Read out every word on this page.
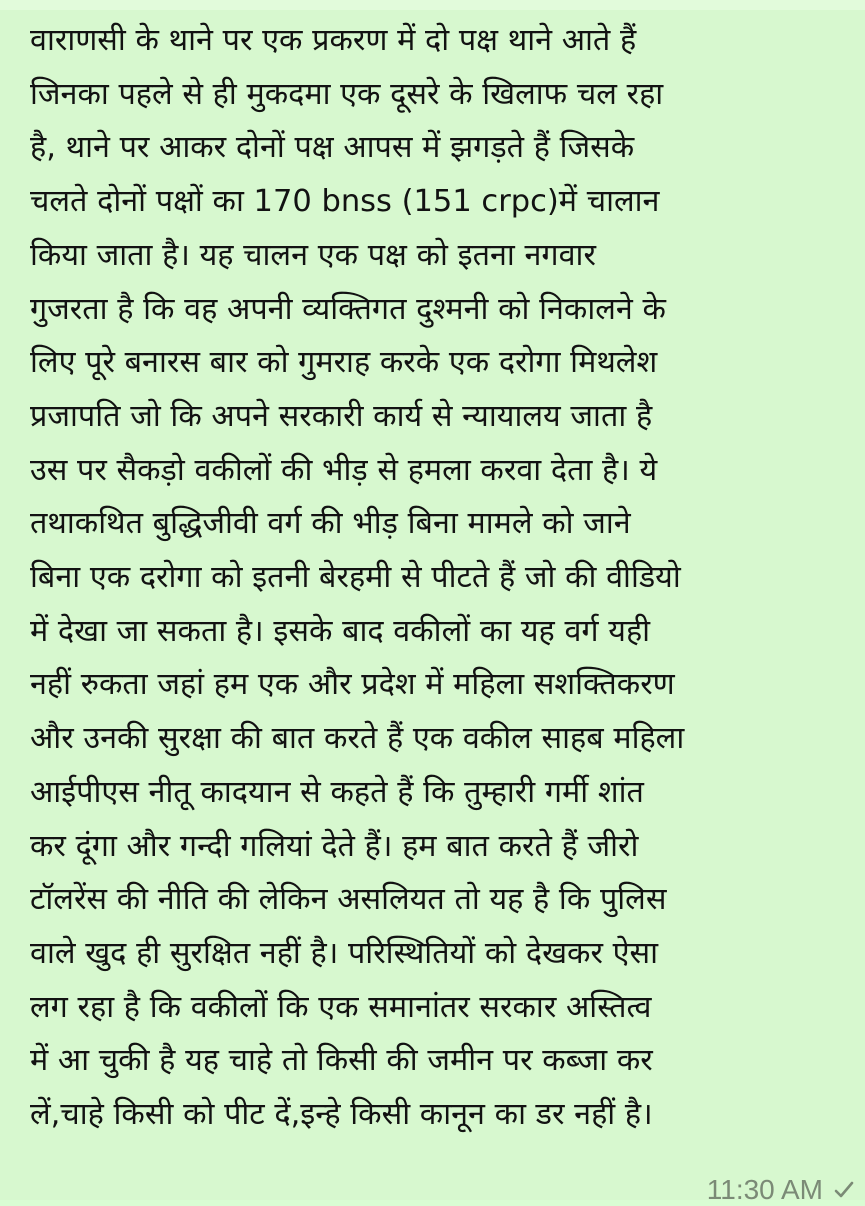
वाराणसी के थाने पर एक प्रकरण में दो पक्ष थाने आते हैं
जिनका पहले से ही मुकदमा एक दूसरे के खिलाफ चल रहा
है, थाने पर आकर दोनों पक्ष आपस में झगड़ते हैं जिसके
चलते दोनों पक्षों का 170 bnss (151 crpc)में चालान
किया जाता है। यह चालन एक पक्ष को इतना नगवार
गुजरता है कि वह अपनी व्यक्तिगत दुश्मनी को निकालने के
लिए पूरे बनारस बार को गुमराह करके एक दरोगा मिथलेश
प्रजापति जो कि अपने सरकारी कार्य से न्यायालय जाता है
उस पर सैकड़ो वकीलों की भीड़ से हमला करवा देता है। ये
तथाकथित बुद्धिजीवी वर्ग की भीड़ बिना मामले को जाने
बिना एक दरोगा को इतनी बेरहमी से पीटते हैं जो की वीडियो
में देखा जा सकता है। इसके बाद वकीलों का यह वर्ग यही
नहीं रुकता जहां हम एक और प्रदेश में महिला सशक्तिकरण
और उनकी सुरक्षा की बात करते हैं एक वकील साहब महिला
आईपीएस नीतू कादयान से कहते हैं कि तुम्हारी गर्मी शांत
कर दूंगा और गन्दी गलियां देते हैं। हम बात करते हैं जीरो
टॉलरेंस की नीति की लेकिन असलियत तो यह है कि पुलिस
वाले खुद ही सुरक्षित नहीं है। परिस्थितियों को देखकर ऐसा
लग रहा है कि वकीलों कि एक समानांतर सरकार अस्तित्व
में आ चुकी है यह चाहे तो किसी की जमीन पर कब्जा कर
लें,चाहे किसी को पीट दें,इन्हे किसी कानून का डर नहीं है।

11:30 AM
